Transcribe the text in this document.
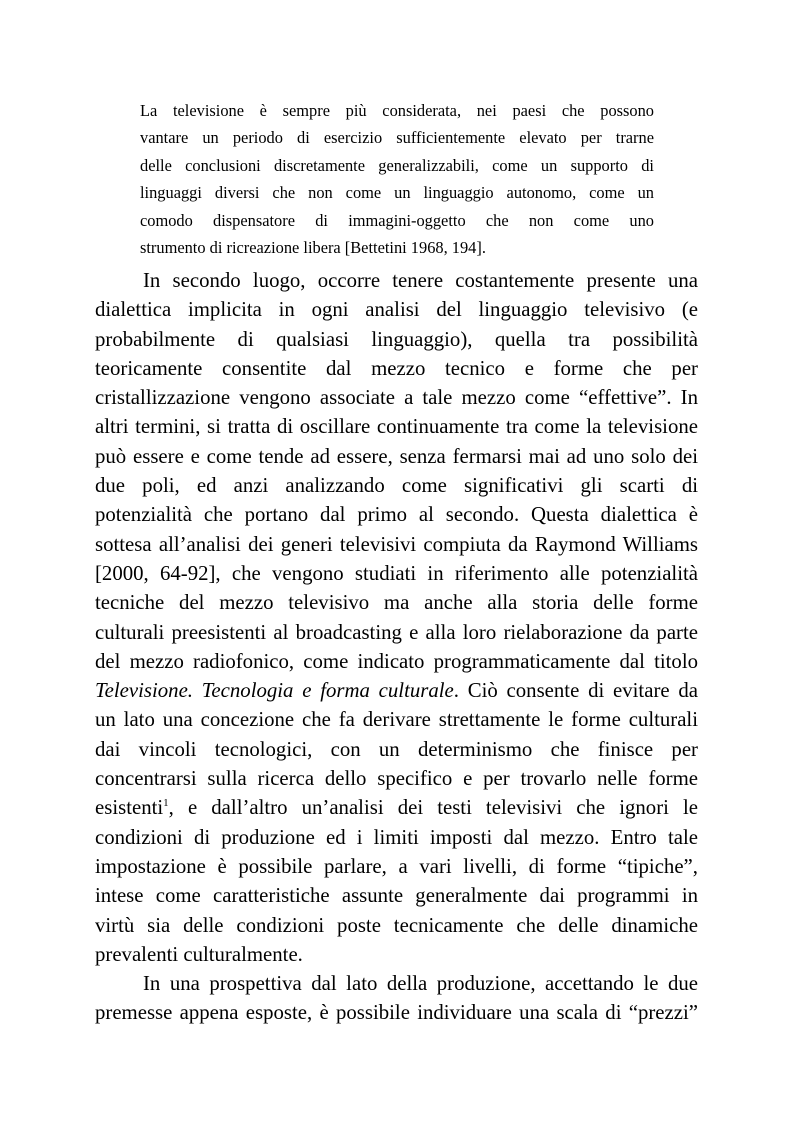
La televisione è sempre più considerata, nei paesi che possono
vantare un periodo di esercizio sufficientemente elevato per trarne
delle conclusioni discretamente generalizzabili, come un supporto di
linguaggi diversi che non come un linguaggio autonomo, come un
comodo dispensatore di immagini-oggetto che non come uno
strumento di ricreazione libera [Bettetini 1968, 194].
In secondo luogo, occorre tenere costantemente presente una
dialettica implicita in ogni analisi del linguaggio televisivo (e
probabilmente di qualsiasi linguaggio), quella tra possibilità
teoricamente consentite dal mezzo tecnico e forme che per
cristallizzazione vengono associate a tale mezzo come “effettive”. In
altri termini, si tratta di oscillare continuamente tra come la televisione
può essere e come tende ad essere, senza fermarsi mai ad uno solo dei
due poli, ed anzi analizzando come significativi gli scarti di
potenzialità che portano dal primo al secondo. Questa dialettica è
sottesa all’analisi dei generi televisivi compiuta da Raymond Williams
[2000, 64-92], che vengono studiati in riferimento alle potenzialità
tecniche del mezzo televisivo ma anche alla storia delle forme
culturali preesistenti al broadcasting e alla loro rielaborazione da parte
del mezzo radiofonico, come indicato programmaticamente dal titolo
Televisione. Tecnologia e forma culturale. Ciò consente di evitare da
un lato una concezione che fa derivare strettamente le forme culturali
dai vincoli tecnologici, con un determinismo che finisce per
concentrarsi sulla ricerca dello specifico e per trovarlo nelle forme
esistenti$^1$, e dall’altro un’analisi dei testi televisivi che ignori le
condizioni di produzione ed i limiti imposti dal mezzo. Entro tale
impostazione è possibile parlare, a vari livelli, di forme “tipiche”,
intese come caratteristiche assunte generalmente dai programmi in
virtù sia delle condizioni poste tecnicamente che delle dinamiche
prevalenti culturalmente.
In una prospettiva dal lato della produzione, accettando le due
premesse appena esposte, è possibile individuare una scala di “prezzi”
